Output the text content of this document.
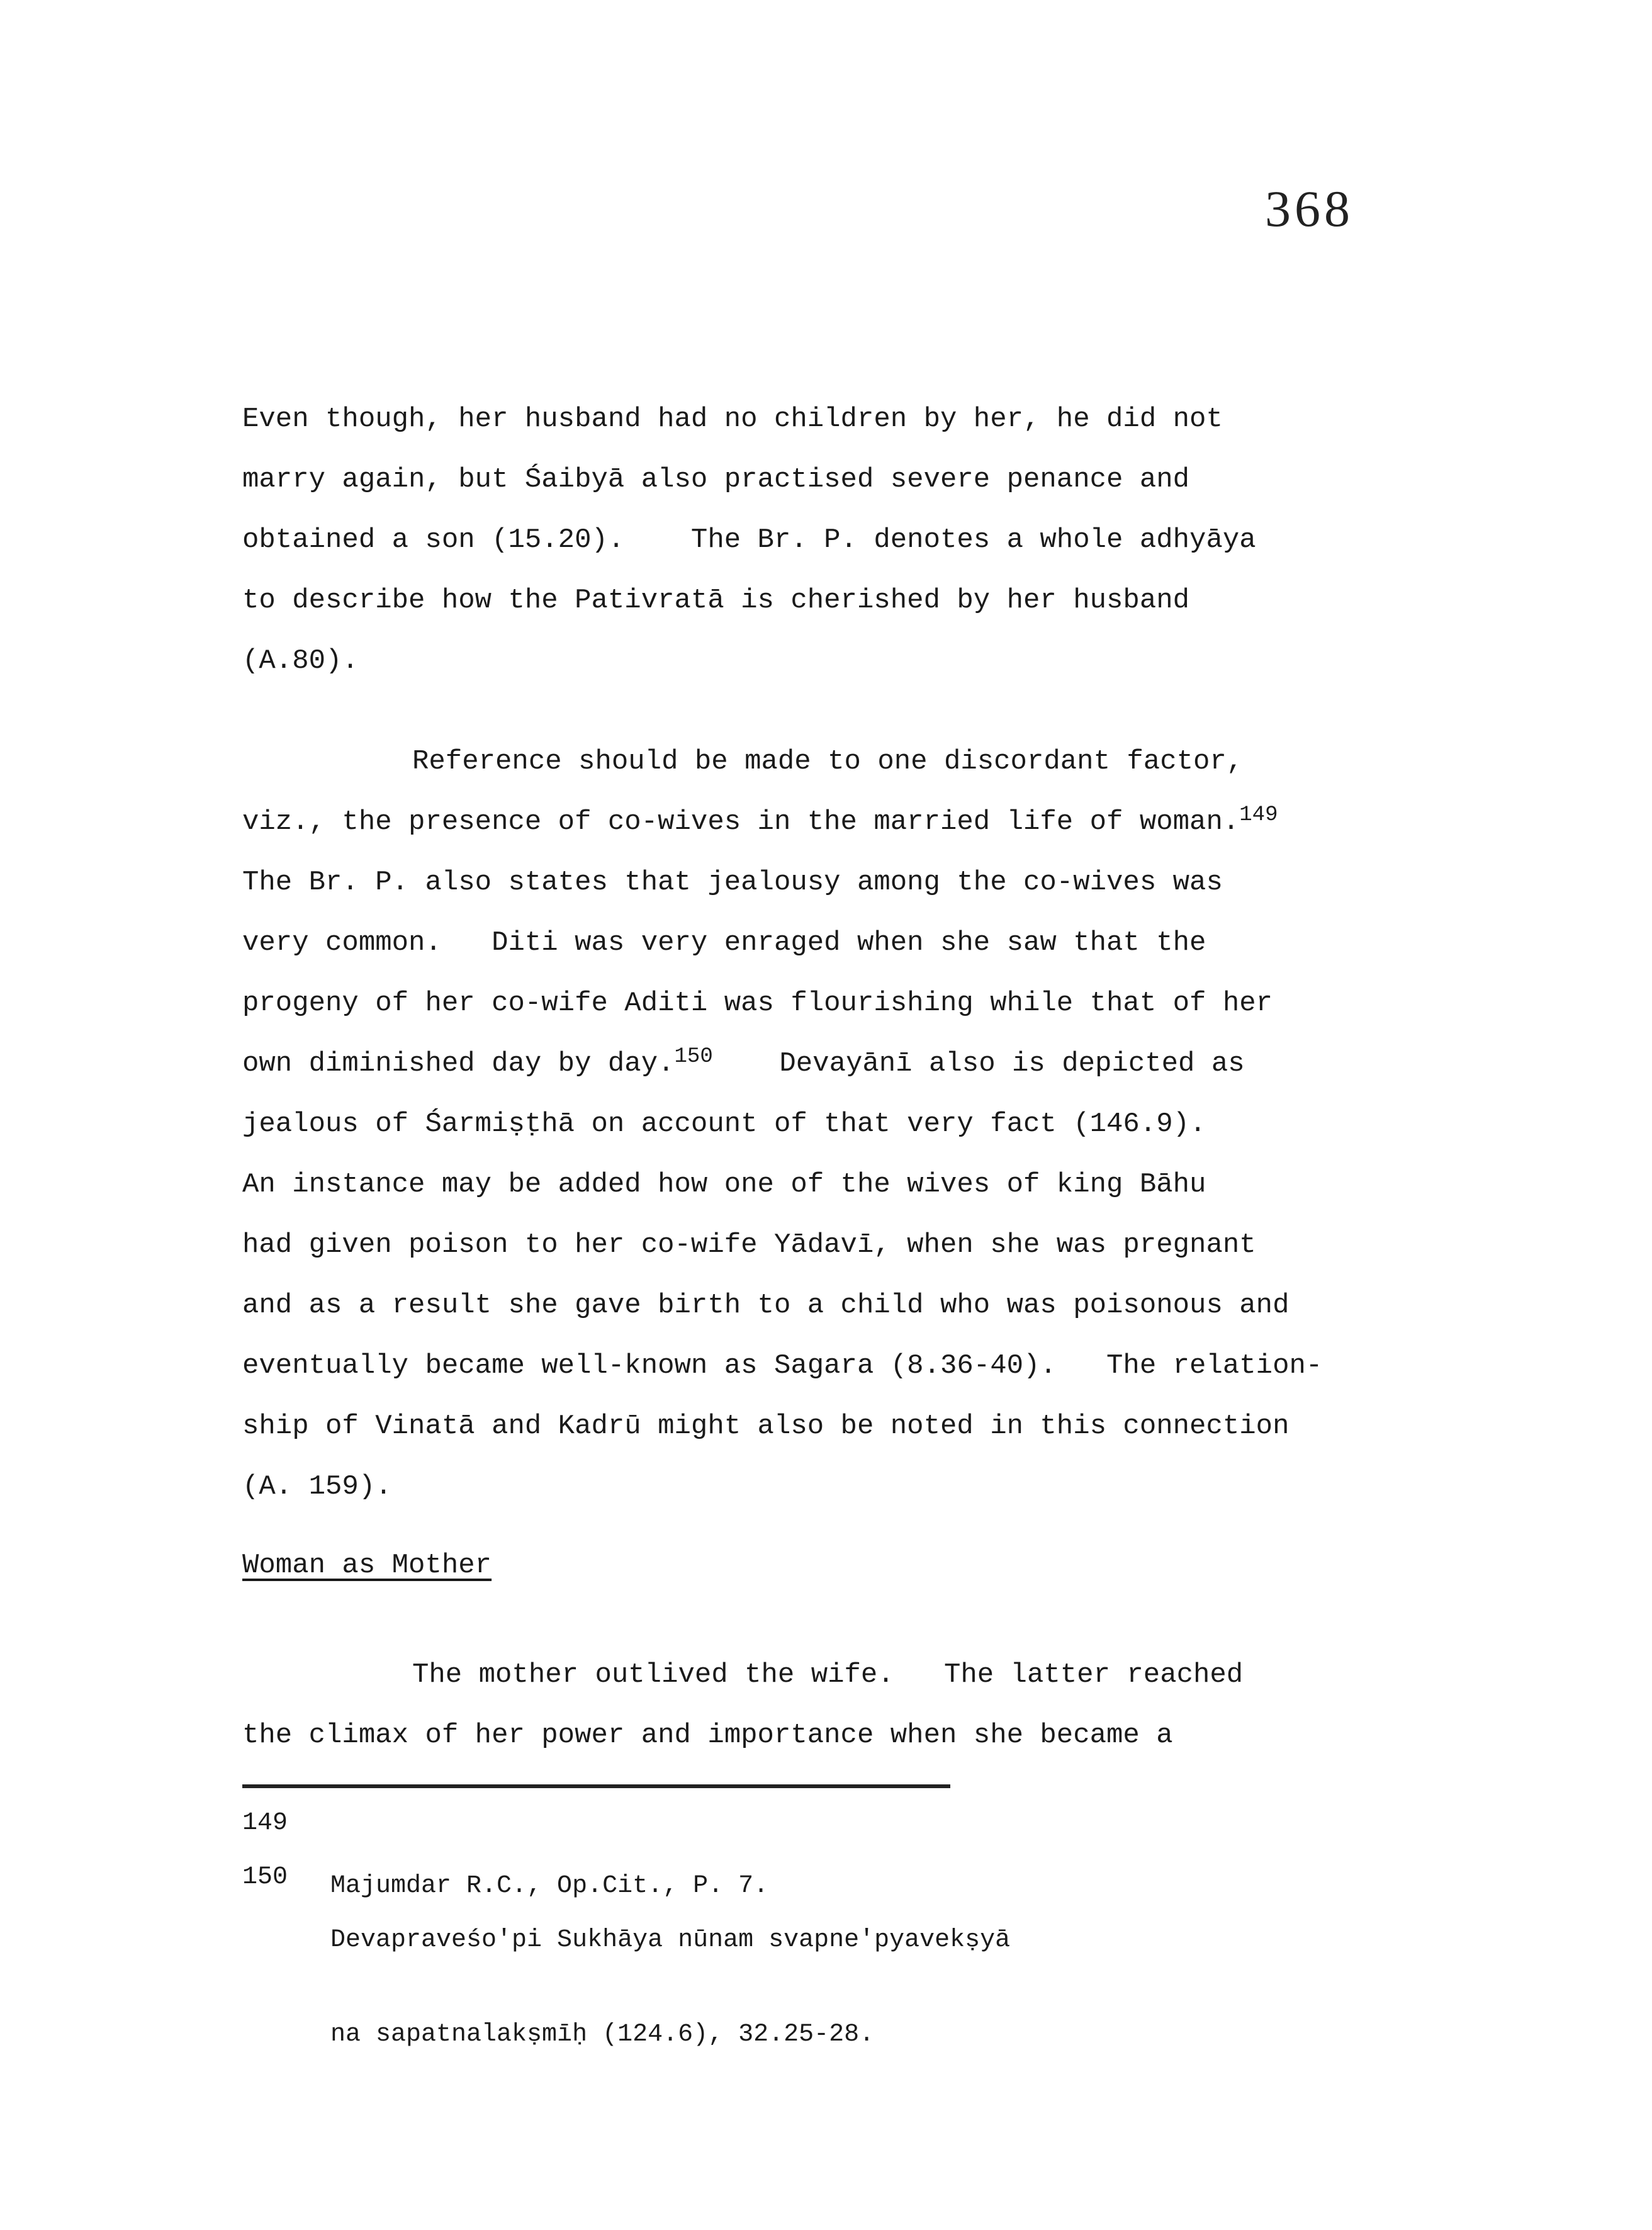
368
Even though, her husband had no children by her, he did not
marry again, but Śaibyā also practised severe penance and
obtained a son (15.20).    The Br. P. denotes a whole adhyāya
to describe how the Pativratā is cherished by her husband
(A.80).
Reference should be made to one discordant factor,
viz., the presence of co-wives in the married life of woman.$^{149}$
The Br. P. also states that jealousy among the co-wives was
very common.   Diti was very enraged when she saw that the
progeny of her co-wife Aditi was flourishing while that of her
own diminished day by day.$^{150}$    Devayānī also is depicted as
jealous of Śarmiṣṭhā on account of that very fact (146.9).
An instance may be added how one of the wives of king Bāhu
had given poison to her co-wife Yādavī, when she was pregnant
and as a result she gave birth to a child who was poisonous and
eventually became well-known as Sagara (8.36-40).   The relation-
ship of Vinatā and Kadrū might also be noted in this connection
(A. 159).
Woman as Mother
The mother outlived the wife.   The latter reached
the climax of her power and importance when she became a
149

Majumdar R.C., Op.Cit., P. 7.

150

Devapraveśo'pi Sukhāya nūnam svapne'pyavekṣyā

na sapatnalakṣmīḥ (124.6), 32.25-28.
